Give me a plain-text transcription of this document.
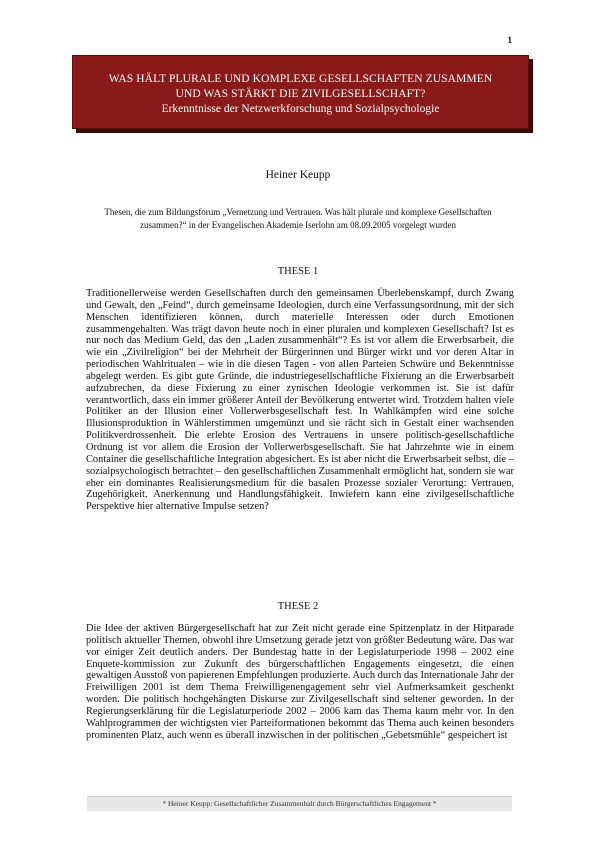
1
WAS HÄLT PLURALE UND KOMPLEXE GESELLSCHAFTEN ZUSAMMEN
UND WAS STÄRKT DIE ZIVILGESELLSCHAFT?
Erkenntnisse der Netzwerkforschung und Sozialpsychologie
Heiner Keupp
Thesen, die zum Bildungsforum „Vernetzung und Vertrauen. Was hält plurale und komplexe Gesellschaften zusammen?“ in der Evangelischen Akademie Iserlohn am 08.09.2005 vorgelegt wurden
THESE 1
Traditionellerweise werden Gesellschaften durch den gemeinsamen Überlebenskampf, durch Zwang und Gewalt, den „Feind“, durch gemeinsame Ideologien, durch eine Verfassungsordnung, mit der sich Menschen identifizieren können, durch materielle Interessen oder durch Emotionen zusammengehalten. Was trägt davon heute noch in einer pluralen und komplexen Gesellschaft? Ist es nur noch das Medium Geld, das den „Laden zusammenhält“? Es ist vor allem die Erwerbsarbeit, die wie ein „Zivilreligion“ bei der Mehrheit der Bürgerinnen und Bürger wirkt und vor deren Altar in periodischen Wahlritualen – wie in die diesen Tagen - von allen Parteien Schwüre und Bekenntnisse abgelegt werden. Es gibt gute Gründe, die industriegesellschaftliche Fixierung an die Erwerbsarbeit aufzubrechen, da diese Fixierung zu einer zynischen Ideologie verkommen ist. Sie ist dafür verantwortlich, dass ein immer größerer Anteil der Bevölkerung entwertet wird. Trotzdem halten viele Politiker an der Illusion einer Vollerwerbsgesellschaft fest. In Wahlkämpfen wird eine solche Illusionsproduktion in Wählerstimmen umgemünzt und sie rächt sich in Gestalt einer wachsenden Politikverdrossenheit. Die erlebte Erosion des Vertrauens in unsere politisch-gesellschaftliche Ordnung ist vor allem die Erosion der Vollerwerbsgesellschaft. Sie hat Jahrzehnte wie in einem Container die gesellschaftliche Integration abgesichert. Es ist aber nicht die Erwerbsarbeit selbst, die – sozialpsychologisch betrachtet – den gesellschaftlichen Zusammenhalt ermöglicht hat, sondern sie war eher ein dominantes Realisierungsmedium für die basalen Prozesse sozialer Verortung: Vertrauen, Zugehörigkeit, Anerkennung und Handlungsfähigkeit. Inwiefern kann eine zivilgesellschaftliche Perspektive hier alternative Impulse setzen?
THESE 2
Die Idee der aktiven Bürgergesellschaft hat zur Zeit nicht gerade eine Spitzenplatz in der Hitparade politisch aktueller Themen, obwohl ihre Umsetzung gerade jetzt von größter Bedeutung wäre. Das war vor einiger Zeit deutlich anders. Der Bundestag hatte in der Legislaturperiode 1998 – 2002 eine Enquete-kommission zur Zukunft des bürgerschaftlichen Engagements eingesetzt, die einen gewaltigen Ausstoß von papierenen Empfehlungen produzierte. Auch durch das Internationale Jahr der Freiwilligen 2001 ist dem Thema Freiwilligenengagement sehr viel Aufmerksamkeit geschenkt worden. Die politisch hochgehängten Diskurse zur Zivilgesellschaft sind seltener geworden. In der Regierungserklärung für die Legislaturperiode 2002 – 2006 kam das Thema kaum mehr vor. In den Wahlprogrammen der wichtigsten vier Parteiformationen bekommt das Thema auch keinen besonders prominenten Platz, auch wenn es überall inzwischen in der politischen „Gebetsmühle“ gespeichert ist
* Heiner Keupp: Gesellschaftlicher Zusammenhalt durch Bürgerschaftliches Engagement *
